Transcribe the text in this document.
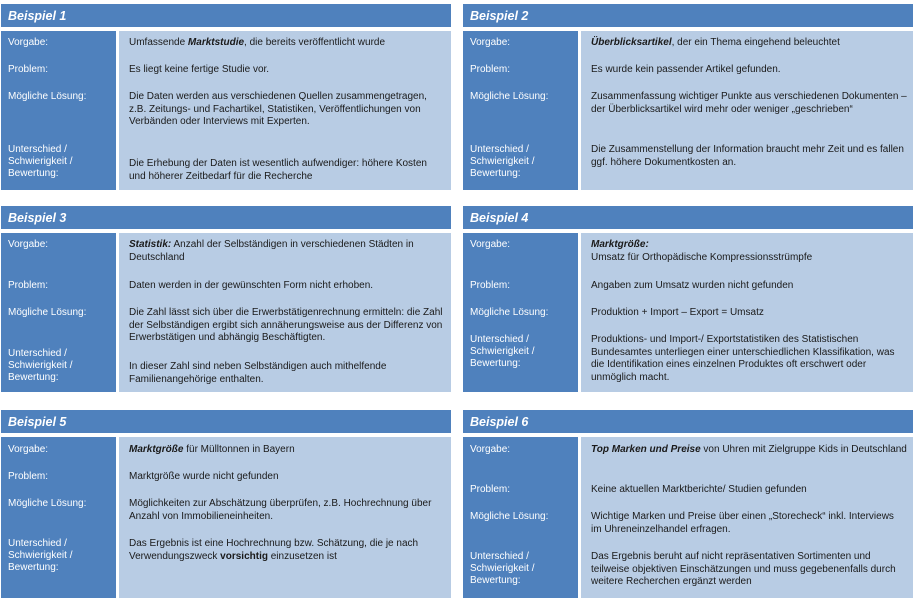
Beispiel 1
Vorgabe:
Problem:
Mögliche Lösung:
Unterschied /
Schwierigkeit /
Bewertung:
Umfassende Marktstudie, die bereits veröffentlicht wurde
Es liegt keine fertige Studie vor.
Die Daten werden aus verschiedenen Quellen zusammengetragen, z.B. Zeitungs- und Fachartikel, Statistiken, Veröffentlichungen von Verbänden oder Interviews mit Experten.
Die Erhebung der Daten ist wesentlich aufwendiger: höhere Kosten und höherer Zeitbedarf für die Recherche
Beispiel 2
Vorgabe:
Problem:
Mögliche Lösung:
Unterschied /
Schwierigkeit /
Bewertung:
Überblicksartikel, der ein Thema eingehend beleuchtet
Es wurde kein passender Artikel gefunden.
Zusammenfassung wichtiger Punkte aus verschiedenen Dokumenten – der Überblicksartikel wird mehr oder weniger „geschrieben“
Die Zusammenstellung der Information braucht mehr Zeit und es fallen ggf. höhere Dokumentkosten an.
Beispiel 3
Vorgabe:
Problem:
Mögliche Lösung:
Unterschied /
Schwierigkeit /
Bewertung:
Statistik: Anzahl der Selbständigen in verschiedenen Städten in Deutschland
Daten werden in der gewünschten Form nicht erhoben.
Die Zahl lässt sich über die Erwerbstätigenrechnung ermitteln: die Zahl der Selbständigen ergibt sich annäherungsweise aus der Differenz von Erwerbstätigen und abhängig Beschäftigten.
In dieser Zahl sind neben Selbständigen auch mithelfende Familienangehörige enthalten.
Beispiel 4
Vorgabe:
Problem:
Mögliche Lösung:
Unterschied /
Schwierigkeit /
Bewertung:
Marktgröße:
Umsatz für Orthopädische Kompressionsstrümpfe
Angaben zum Umsatz wurden nicht gefunden
Produktion + Import – Export = Umsatz
Produktions- und Import-/ Exportstatistiken des Statistischen Bundesamtes unterliegen einer unterschiedlichen Klassifikation, was die Identifikation eines einzelnen Produktes oft erschwert oder unmöglich macht.
Beispiel 5
Vorgabe:
Problem:
Mögliche Lösung:
Unterschied /
Schwierigkeit /
Bewertung:
Marktgröße für Mülltonnen in Bayern
Marktgröße wurde nicht gefunden
Möglichkeiten zur Abschätzung überprüfen, z.B. Hochrechnung über Anzahl von Immobilieneinheiten.
Das Ergebnis ist eine Hochrechnung bzw. Schätzung, die je nach Verwendungszweck vorsichtig einzusetzen ist
Beispiel 6
Vorgabe:
Problem:
Mögliche Lösung:
Unterschied /
Schwierigkeit /
Bewertung:
Top Marken und Preise von Uhren mit Zielgruppe Kids in Deutschland
Keine aktuellen Marktberichte/ Studien gefunden
Wichtige Marken und Preise über einen „Storecheck“ inkl. Interviews im Uhreneinzelhandel erfragen.
Das Ergebnis beruht auf nicht repräsentativen Sortimenten und teilweise objektiven Einschätzungen und muss gegebenenfalls durch weitere Recherchen ergänzt werden
